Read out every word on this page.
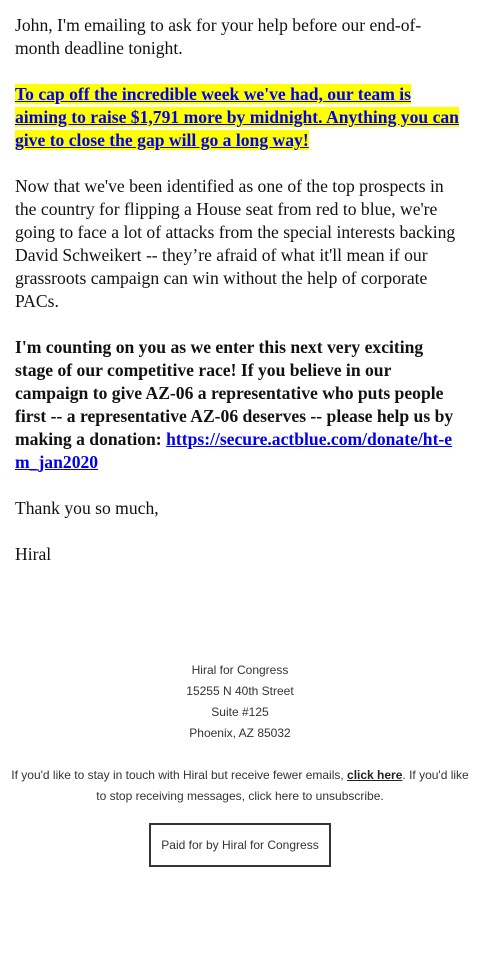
John, I'm emailing to ask for your help before our end-of-month deadline tonight.

To cap off the incredible week we've had, our team is aiming to raise $1,791 more by midnight. Anything you can give to close the gap will go a long way!

Now that we've been identified as one of the top prospects in the country for flipping a House seat from red to blue, we're going to face a lot of attacks from the special interests backing David Schweikert -- they’re afraid of what it'll mean if our grassroots campaign can win without the help of corporate PACs.

I'm counting on you as we enter this next very exciting stage of our competitive race! If you believe in our campaign to give AZ-06 a representative who puts people first -- a representative AZ-06 deserves -- please help us by making a donation: https://secure.actblue.com/donate/ht-em_jan2020

Thank you so much,

Hiral

Hiral for Congress
15255 N 40th Street
Suite #125
Phoenix, AZ 85032
If you'd like to stay in touch with Hiral but receive fewer emails, click here. If you'd like to stop receiving messages, click here to unsubscribe.
Paid for by Hiral for Congress
